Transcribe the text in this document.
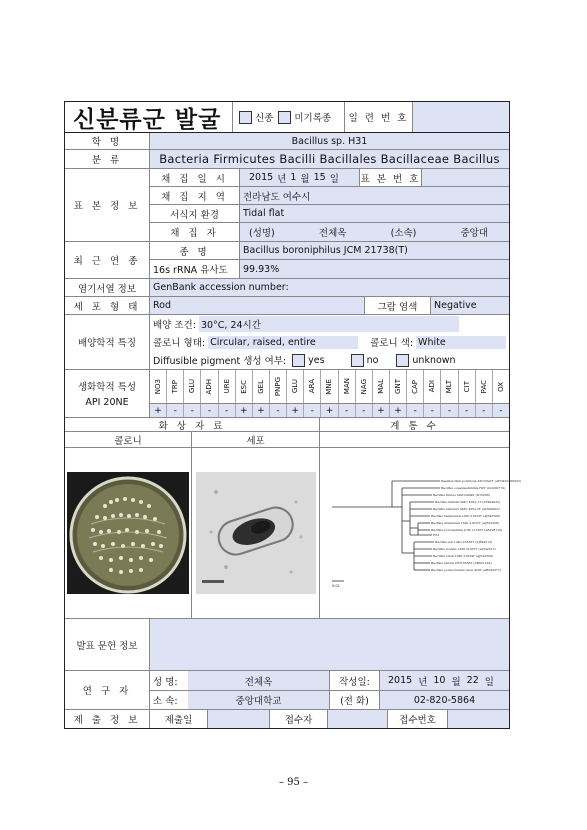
신분류군 발굴	신종 미기록종	일 련 번 호
학 명	Bacillus sp. H31
분 류	Bacteria Firmicutes Bacilli Bacillales Bacillaceae Bacillus
표 본 정 보
채 집 일 시	2015 년 1 월 15 일 표 본 번 호
채 집 지 역	전라남도 여수시
서식지 환경	Tidal flat
채 집 자	(성명)	전체옥	(소속)	중앙대
최 근 연 종
종 명	Bacillus boroniphilus JCM 21738(T)
16s rRNA 유사도	99.93%
염기서열 정보	GenBank accession number:
세 포 형 태	Rod	그람 염색	Negative
배양학적 특징
배양 조건: 30°C, 24시간
콜로니 형태: Circular, raised, entire	콜로니 색: White
Diffusible pigment 생성 여부: yes	no	unknown
생화학적 특성
API 20NE
NO3 TRP GLU ADH URE ESC GEL PNPG GLU ARA MNE MAN NAG MAL GNT CAP ADI MLT CIT PAC OX
+	-	-	-	-	+	+	-	+	-	+	-	-	+	+	-	-	-	-	-	-
화 상 자 료	계 통 수
콜로니	세포
Paenibacillus polymyxa ATCC842T (AFOX01000032)
Bacillus oceanisediminis H2T (GQ292772)
Bacillus firmus IAM12464T (D16268)
Bacillus infantis SMC 4352-1T (AY904032)
Bacillus idriensis SMC 4352-2T (AY904033)
Bacillus bataviensis LMG 21833T (AJ542508)
Bacillus drentensis LMG 21831T (AJ542506)
Bacillus boroniphilus JCM 21738T (AB198719)
H31
Bacillus soli LMG 21838T (AJ542513)
Bacillus novalis LMG 21837T (AJ542512)
Bacillus vireti LMG 21834T (AJ542509)
Bacillus niacini IFO15566T (AB021194)
Bacillus pocheonensis Gsoil 420T (AB245377)
0.01
발표 문헌 정보
연 구 자
성 명:	전체옥	작성일:	2015 년 10 월 22 일
소 속:	중앙대학교	(전 화)	02-820-5864
제 출 정 보	제출일	접수자	접수번호
– 95 –
